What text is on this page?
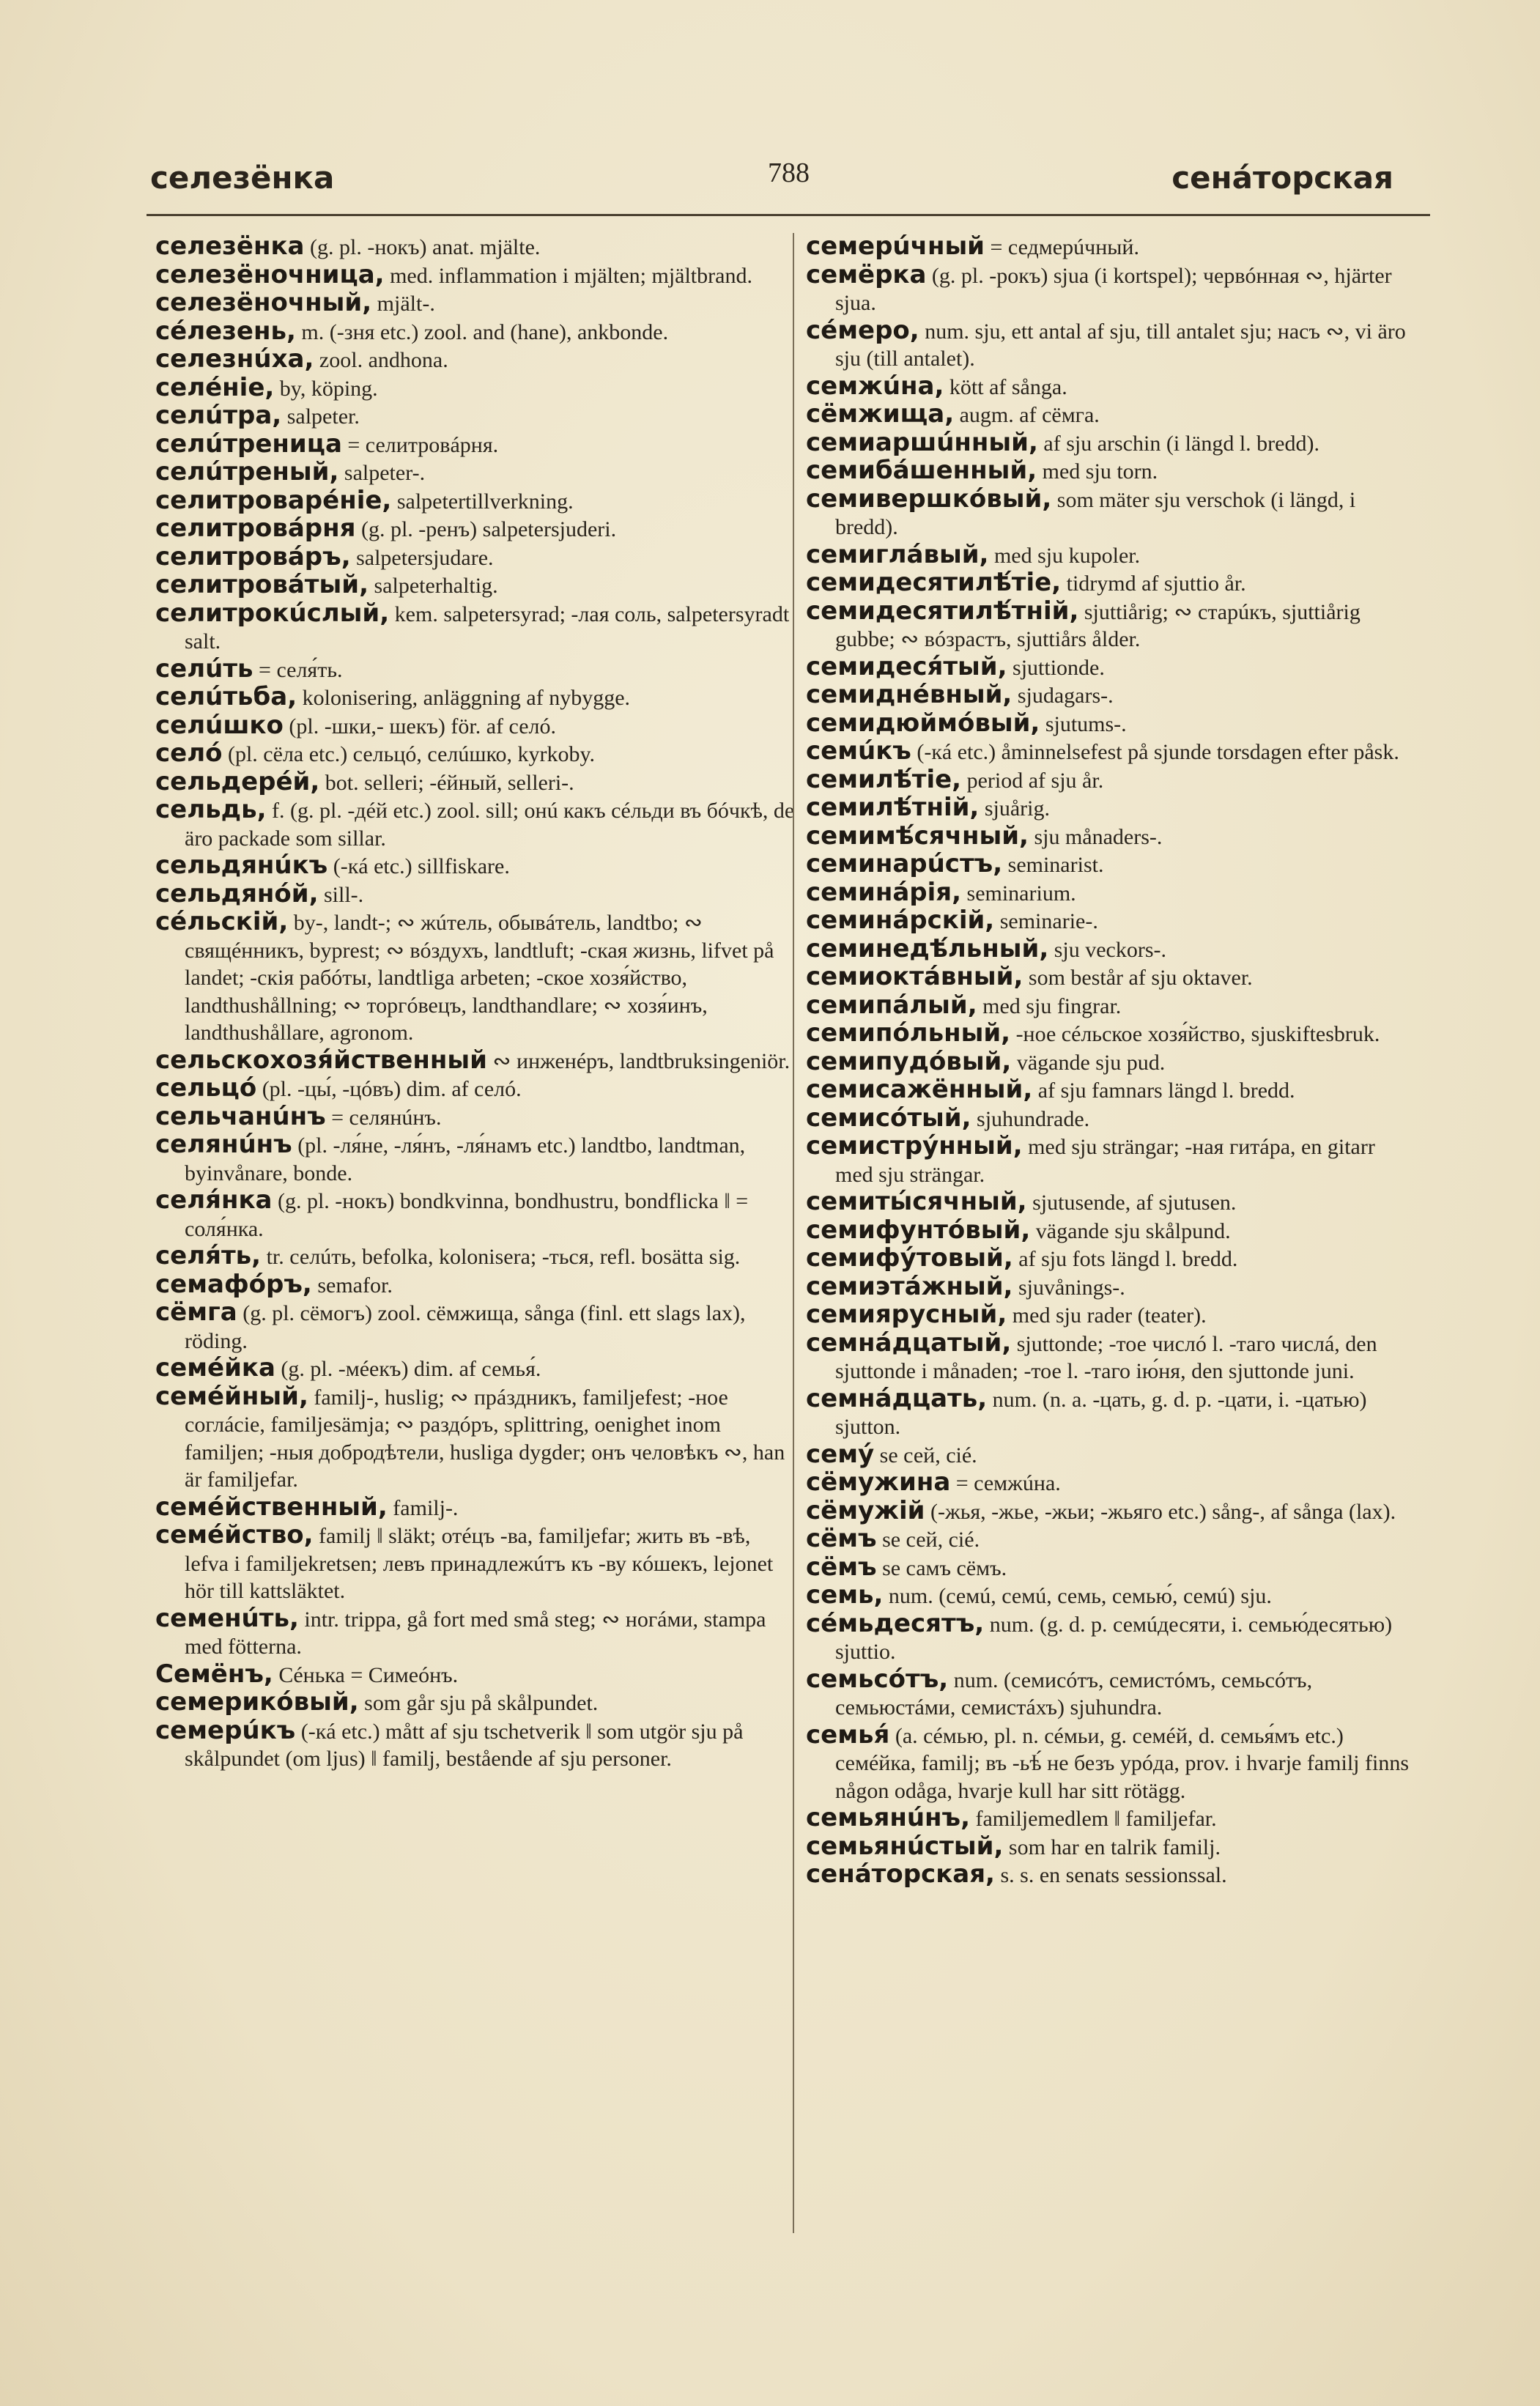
селезёнка	788	сенáторская

селезёнка (g. pl. -нокъ) anat. mjälte.

селезёночница, med. inflammation i mjälten; mjältbrand.

селезёночный, mjält-.

сéлезень, m. (-зня etc.) zool. and (hane), ankbonde.

селезнúха, zool. andhona.

селéніе, by, köping.

селúтра, salpeter.

селúтреница = селитровáрня.

селúтреный, salpeter-.

селитроварéніе, salpetertillverkning.

селитровáрня (g. pl. -ренъ) salpetersjuderi.

селитровáръ, salpetersjudare.

селитровáтый, salpeterhaltig.

селитрокúслый, kem. salpetersyrad; -лая соль, salpetersyradt salt.

селúть = селя́ть.

селúтьба, kolonisering, anläggning af nybygge.

селúшко (pl. -шки,- шекъ) för. af селó.

селó (pl. сёла etc.) сельцó, селúшко, kyrkoby.

сельдерéй, bot. selleri; -éйный, selleri-.

сельдь, f. (g. pl. -дéй etc.) zool. sill; онú какъ сéльди въ бóчкѣ, de äro packade som sillar.

сельдянúкъ (-кá etc.) sillfiskare.

сельдянóй, sill-.

сéльскій, by-, landt-; ∾ жúтель, обывáтель, landtbo; ∾ свящéнникъ, byprest; ∾ вóздухъ, landtluft; -ская жизнь, lifvet på landet; -скія рабóты, landtliga arbeten; -ское хозя́йство, landthushållning; ∾ торгóвецъ, landthandlare; ∾ хозя́инъ, landthushållare, agronom.

сельскохозя́йственный ∾ инженéръ, landtbruksingeniör.

сельцó (pl. -цы́, -цóвъ) dim. af селó.

сельчанúнъ = селянúнъ.

селянúнъ (pl. -ля́не, -ля́нъ, -ля́намъ etc.) landtbo, landtman, byinvånare, bonde.

селя́нка (g. pl. -нокъ) bondkvinna, bondhustru, bondflicka ‖ = соля́нка.

селя́ть, tr. селúть, befolka, kolonisera; -ться, refl. bosätta sig.

семафóръ, semafor.

сёмга (g. pl. сёмогъ) zool. сёмжища, sånga (finl. ett slags lax), röding.

семéйка (g. pl. -мéекъ) dim. af семья́.

семéйный, familj-, huslig; ∾ прáздникъ, familjefest; -ное соглáсіе, familjesämja; ∾ раздóръ, splittring, oenighet inom familjen; -ныя добродѣтели, husliga dygder; онъ человѣкъ ∾, han är familjefar.

семéйственный, familj-.

семéйство, familj ‖ släkt; отéцъ -ва, familjefar; жить въ -вѣ, lefva i familjekretsen; левъ принадлежúтъ къ -ву кóшекъ, lejonet hör till kattsläktet.

семенúть, intr. trippa, gå fort med små steg; ∾ ногáми, stampa med fötterna.

Семёнъ, Сéнька = Симеóнъ.

семерикóвый, som går sju på skålpundet.

семерúкъ (-кá etc.) mått af sju tschetverik ‖ som utgör sju på skålpundet (om ljus) ‖ familj, bestående af sju personer.

семерúчный = седмерúчный.

семёрка (g. pl. -рокъ) sjua (i kortspel); червóнная ∾, hjärter sjua.

сéмеро, num. sju, ett antal af sju, till antalet sju; насъ ∾, vi äro sju (till antalet).

семжúна, kött af sånga.

сёмжища, augm. af сёмга.

семиаршúнный, af sju arschin (i längd l. bredd).

семибáшенный, med sju torn.

семивершкóвый, som mäter sju verschok (i längd, i bredd).

семиглáвый, med sju kupoler.

семидесятилѣ́тіе, tidrymd af sjuttio år.

семидесятилѣ́тній, sjuttiårig; ∾ старúкъ, sjuttiårig gubbe; ∾ вóзрастъ, sjuttiårs ålder.

семидеся́тый, sjuttionde.

семиднéвный, sjudagars-.

семидюймóвый, sjutums-.

семúкъ (-кá etc.) åminnelsefest på sjunde torsdagen efter påsk.

семилѣ́тіе, period af sju år.

семилѣ́тній, sjuårig.

семимѣ́сячный, sju månaders-.

семинарúстъ, seminarist.

семинáрія, seminarium.

семинáрскій, seminarie-.

семинедѣ́льный, sju veckors-.

семиоктáвный, som består af sju oktaver.

семипáлый, med sju fingrar.

семипóльный, -ное сéльское хозя́йство, sjuskiftesbruk.

семипудóвый, vägande sju pud.

семисажённый, af sju famnars längd l. bredd.

семисóтый, sjuhundrade.

семистру́нный, med sju strängar; -ная гитáра, en gitarr med sju strängar.

семиты́сячный, sjutusende, af sjutusen.

семифунтóвый, vägande sju skålpund.

семифу́товый, af sju fots längd l. bredd.

семиэтáжный, sjuvånings-.

семиярусный, med sju rader (teater).

семнáдцатый, sjuttonde; -тое числó l. -таго числá, den sjuttonde i månaden; -тое l. -таго ію́ня, den sjuttonde juni.

семнáдцать, num. (n. a. -цать, g. d. p. -цати, i. -цатью) sjutton.

сему́ se сей, cié.

сёмужина = семжúна.

сёмужій (-жья, -жье, -жьи; -жьяго etc.) sång-, af sånga (lax).

сёмъ se сей, cié.

сёмъ se самъ сёмъ.

семь, num. (семú, семú, семь, семью́, семú) sju.

сéмьдесятъ, num. (g. d. p. семúдесяти, i. семью́десятью) sjuttio.

семьсóтъ, num. (семисóтъ, семистóмъ, семьсóтъ, семьюстáми, семистáхъ) sjuhundra.

семья́ (a. сéмью, pl. n. сéмьи, g. семéй, d. семья́мъ etc.) семéйка, familj; въ -ьѣ́ не безъ урóда, prov. i hvarje familj finns någon odåga, hvarje kull har sitt rötägg.

семьянúнъ, familjemedlem ‖ familjefar.

семьянúстый, som har en talrik familj.

сенáторская, s. s. en senats sessionssal.
